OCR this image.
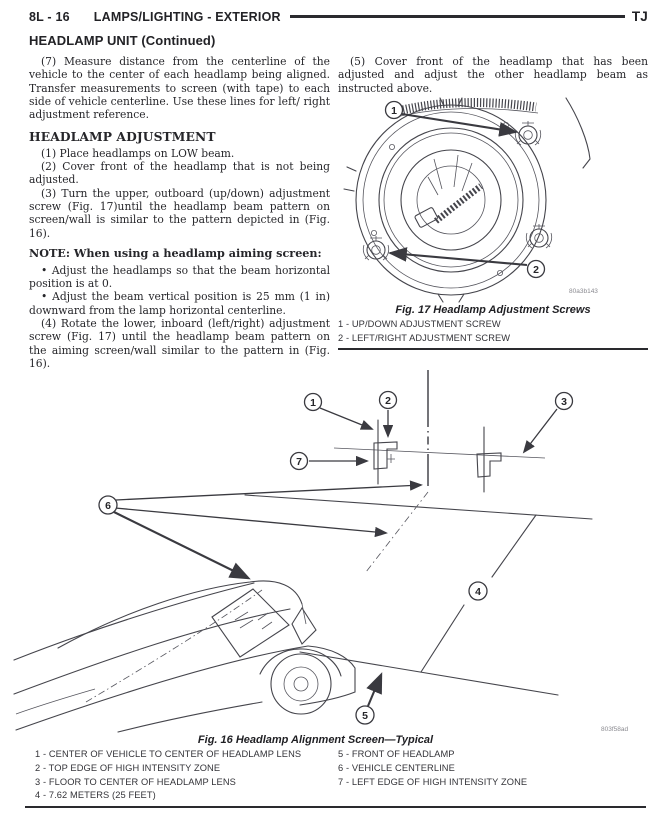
8L - 16 LAMPS/LIGHTING - EXTERIOR	TJ
HEADLAMP UNIT (Continued)
(7) Measure distance from the centerline of the vehicle to the center of each headlamp being aligned. Transfer measurements to screen (with tape) to each side of vehicle centerline. Use these lines for left/ right adjustment reference.
HEADLAMP ADJUSTMENT
(1) Place headlamps on LOW beam.
(2) Cover front of the headlamp that is not being adjusted.
(3) Turn the upper, outboard (up/down) adjustment screw (Fig. 17)until the headlamp beam pattern on screen/wall is similar to the pattern depicted in (Fig. 16).
NOTE: When using a headlamp aiming screen:
• Adjust the headlamps so that the beam horizontal position is at 0.
• Adjust the beam vertical position is 25 mm (1 in) downward from the lamp horizontal centerline.
(4) Rotate the lower, inboard (left/right) adjustment screw (Fig. 17) until the headlamp beam pattern on the aiming screen/wall similar to the pattern in (Fig. 16).
(5) Cover front of the headlamp that has been adjusted and adjust the other headlamp beam as instructed above.
1
2
80a3b143
Fig. 17 Headlamp Adjustment Screws
1 - UP/DOWN ADJUSTMENT SCREW
2 - LEFT/RIGHT ADJUSTMENT SCREW
1	2	3
4
5
6
7
803f58ad
Fig. 16 Headlamp Alignment Screen—Typical
1 - CENTER OF VEHICLE TO CENTER OF HEADLAMP LENS
2 - TOP EDGE OF HIGH INTENSITY ZONE
3 - FLOOR TO CENTER OF HEADLAMP LENS
4 - 7.62 METERS (25 FEET)
5 - FRONT OF HEADLAMP
6 - VEHICLE CENTERLINE
7 - LEFT EDGE OF HIGH INTENSITY ZONE
